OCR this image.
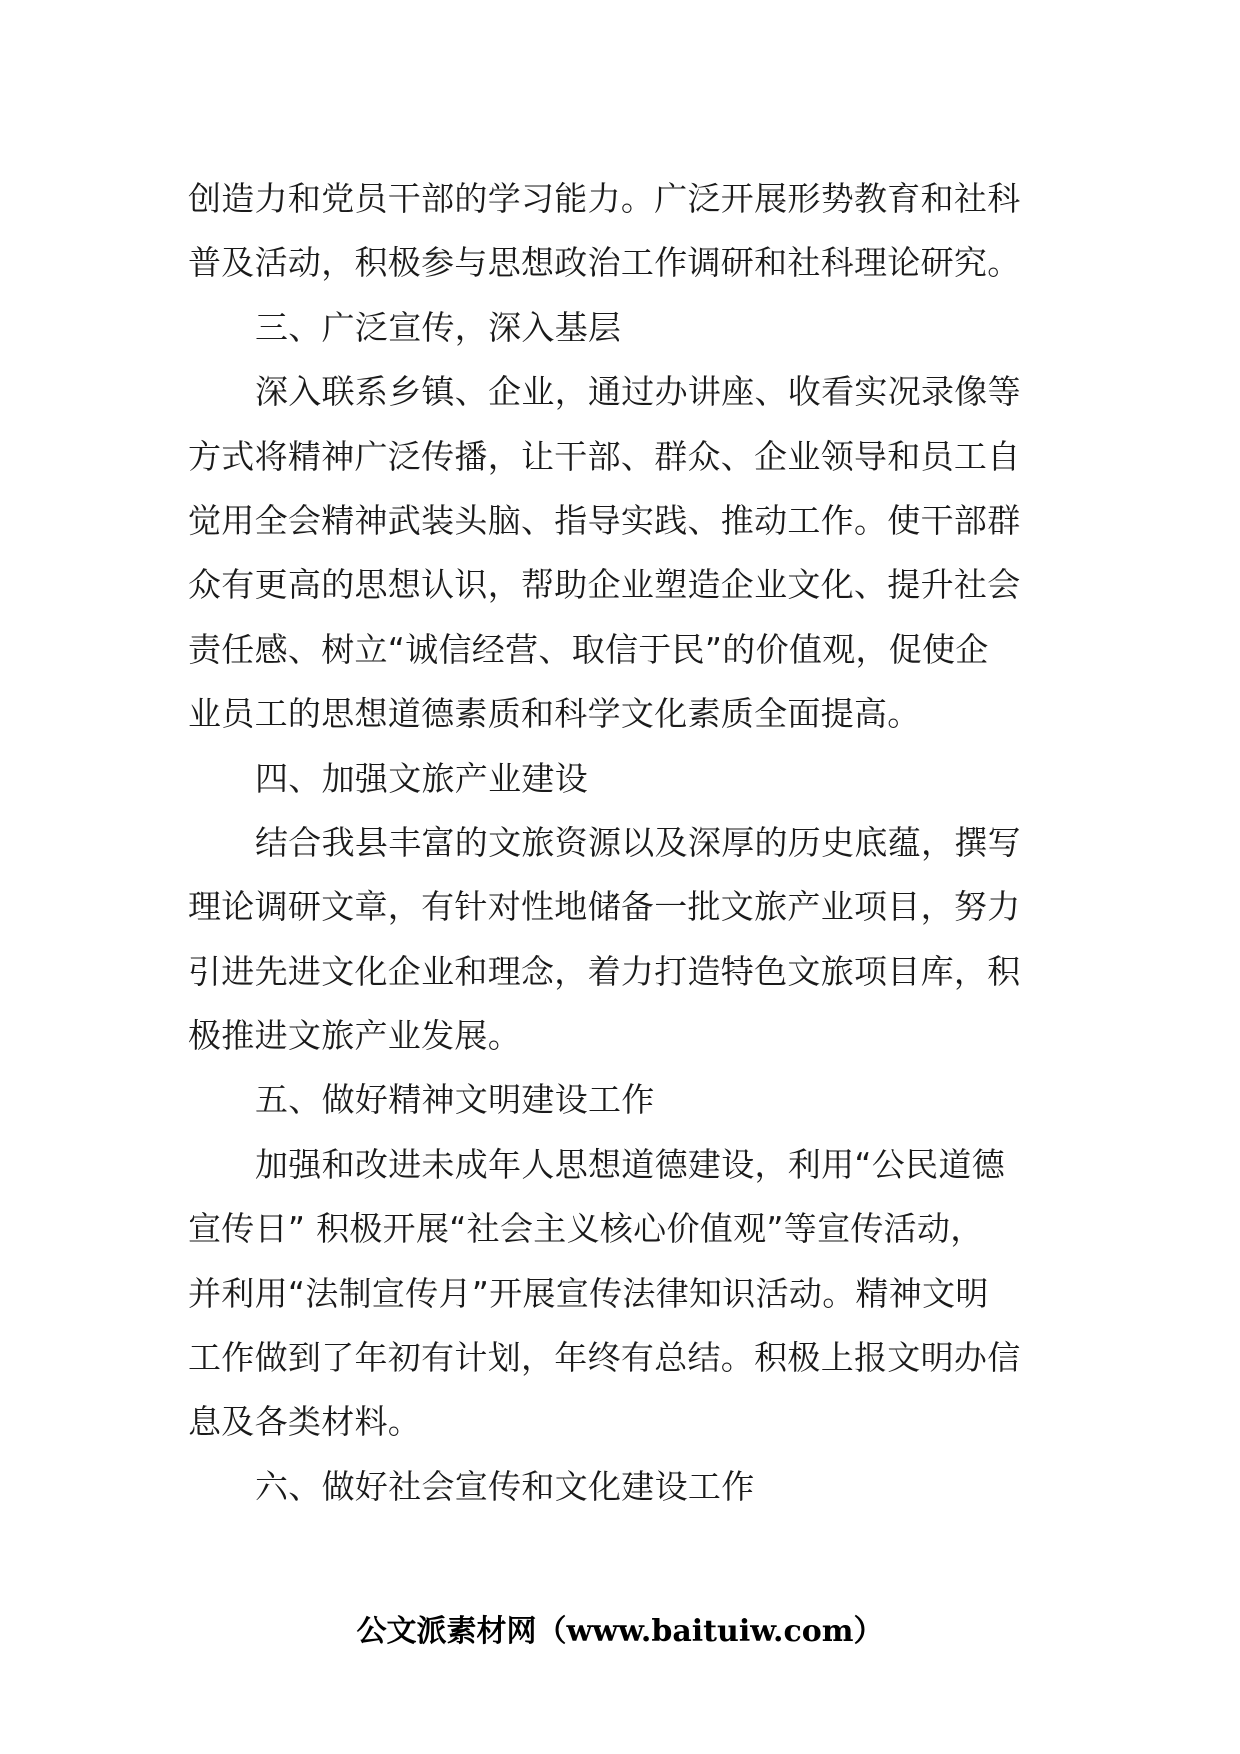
创造力和党员干部的学习能力。广泛开展形势教育和社科
普及活动，积极参与思想政治工作调研和社科理论研究。
三、广泛宣传，深入基层
深入联系乡镇、企业，通过办讲座、收看实况录像等
方式将精神广泛传播，让干部、群众、企业领导和员工自
觉用全会精神武装头脑、指导实践、推动工作。使干部群
众有更高的思想认识，帮助企业塑造企业文化、提升社会
责任感、树立“诚信经营、取信于民”的价值观，促使企
业员工的思想道德素质和科学文化素质全面提高。
四、加强文旅产业建设
结合我县丰富的文旅资源以及深厚的历史底蕴，撰写
理论调研文章，有针对性地储备一批文旅产业项目，努力
引进先进文化企业和理念，着力打造特色文旅项目库，积
极推进文旅产业发展。
五、做好精神文明建设工作
加强和改进未成年人思想道德建设，利用“公民道德
宣传日” 积极开展“社会主义核心价值观”等宣传活动，
并利用“法制宣传月”开展宣传法律知识活动。精神文明
工作做到了年初有计划，年终有总结。积极上报文明办信
息及各类材料。
六、做好社会宣传和文化建设工作
公文派素材网（www.baituiw.com）
